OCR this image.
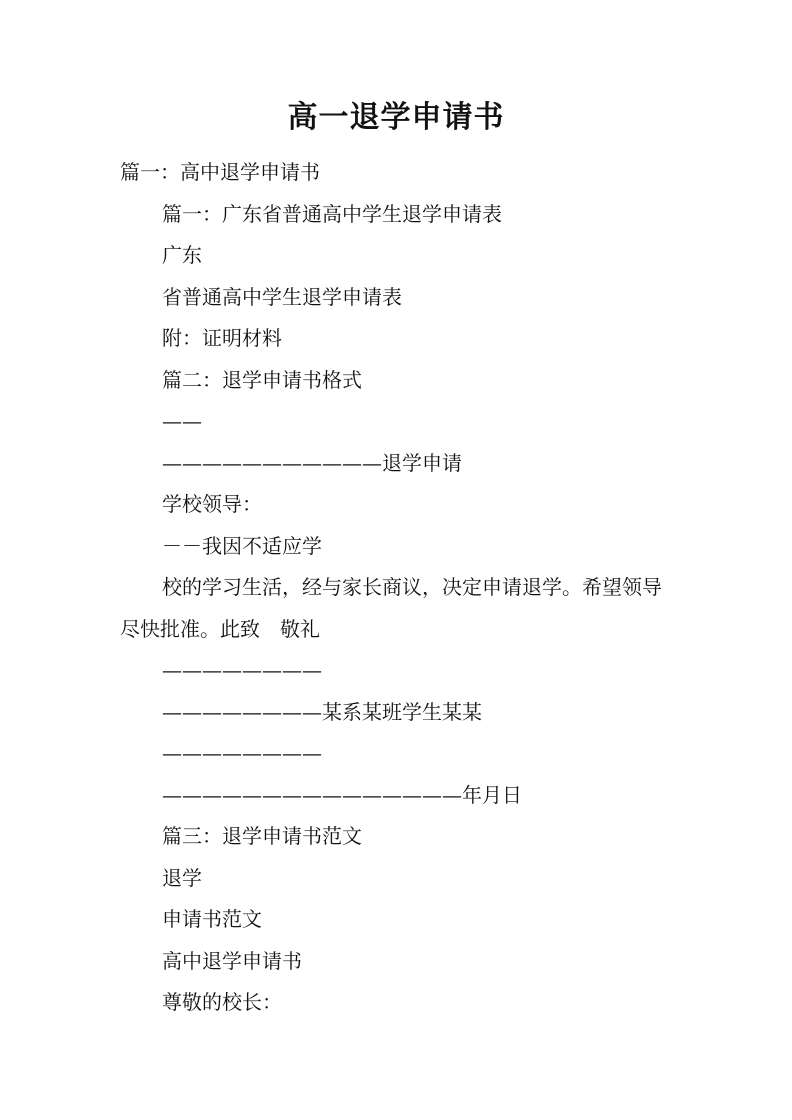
高一退学申请书
篇一：高中退学申请书
篇一：广东省普通高中学生退学申请表
广东
省普通高中学生退学申请表
附：证明材料
篇二：退学申请书格式
——
———————————退学申请
学校领导：
－－我因不适应学
校的学习生活，经与家长商议，决定申请退学。希望领导尽快批准。此致　敬礼
————————
————————某系某班学生某某
————————
———————————————年月日
篇三：退学申请书范文
退学
申请书范文
高中退学申请书
尊敬的校长：
